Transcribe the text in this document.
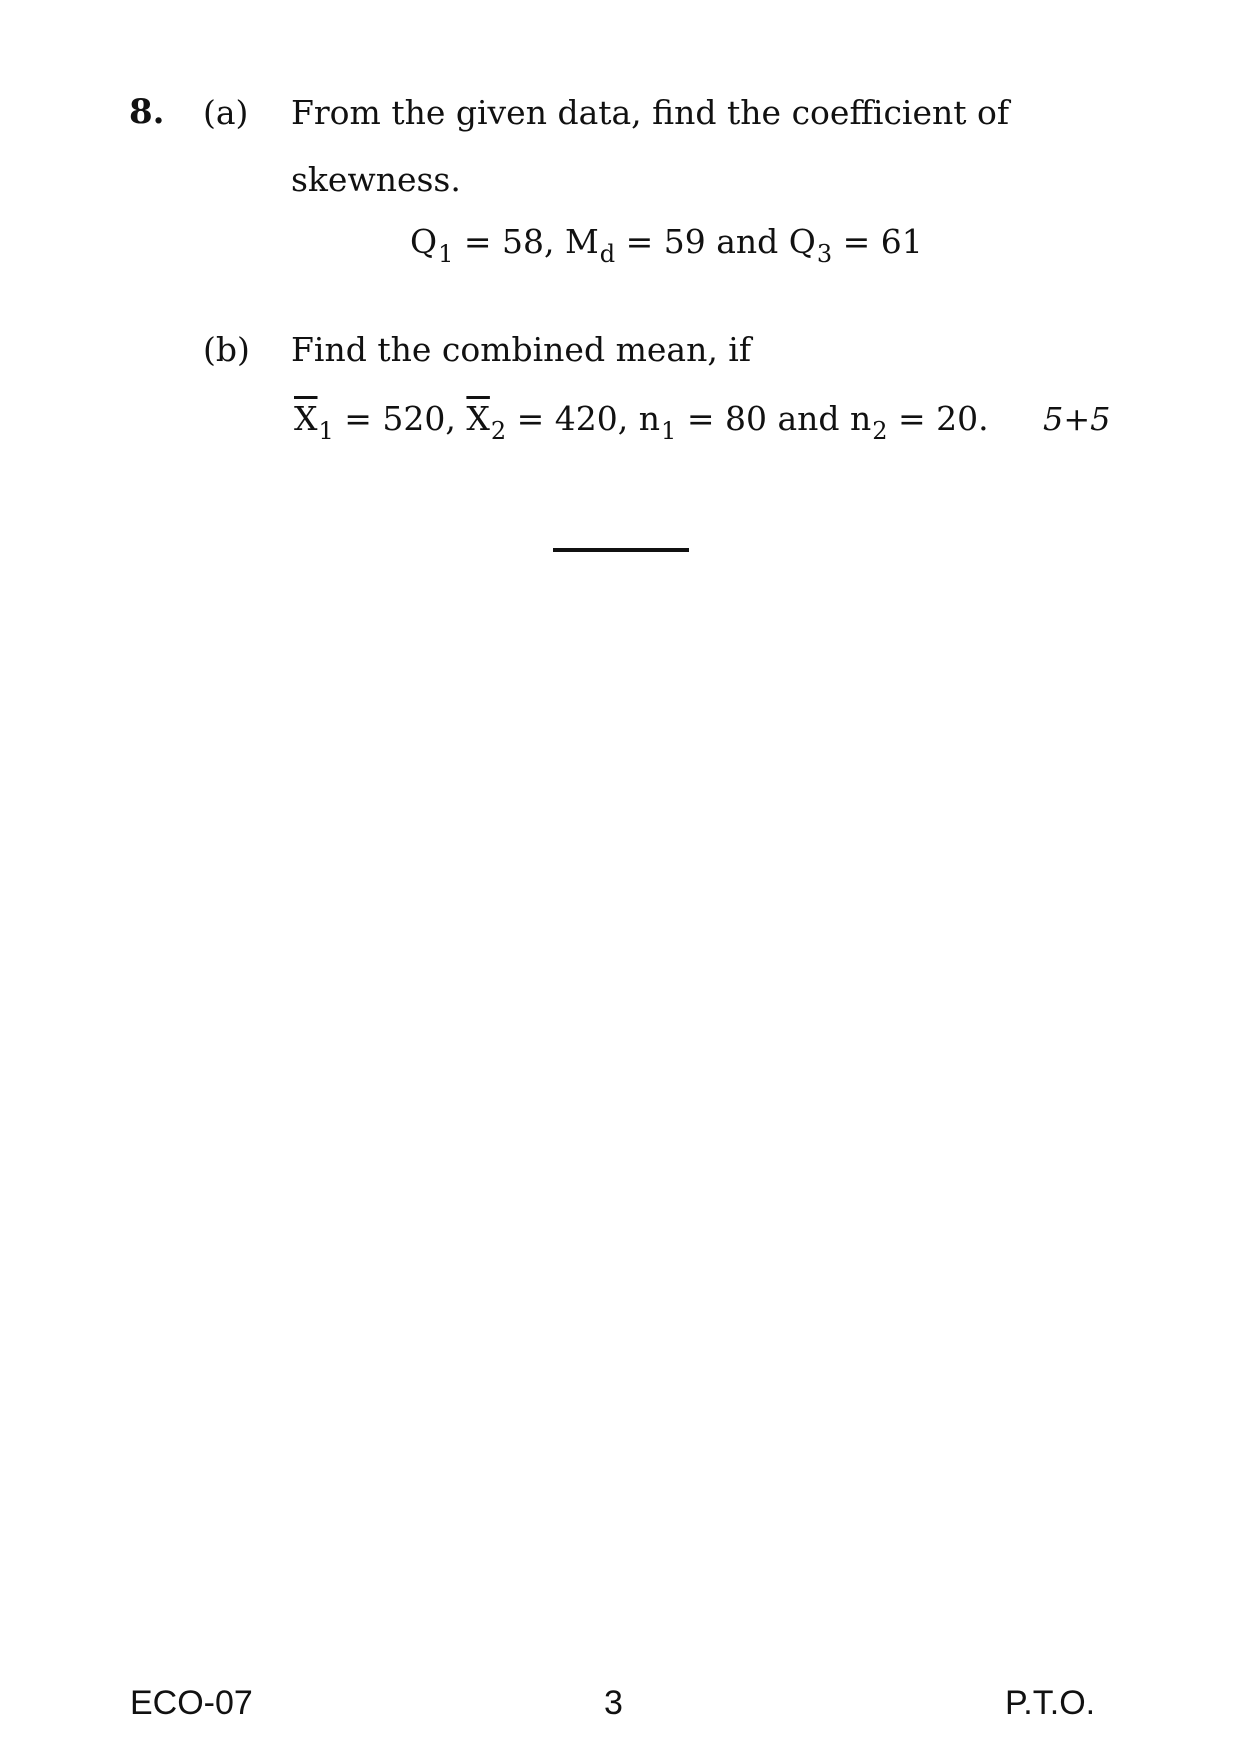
8. (a) From the given data, find the coefficient of
skewness.
$Q_1 = 58$, $M_d = 59$ and $Q_3 = 61$
(b) Find the combined mean, if
$\overline{X}_1 = 520$, $\overline{X}_2 = 420$, $n_1 = 80$ and $n_2 = 20$. 5+5
ECO-07	3	P.T.O.
